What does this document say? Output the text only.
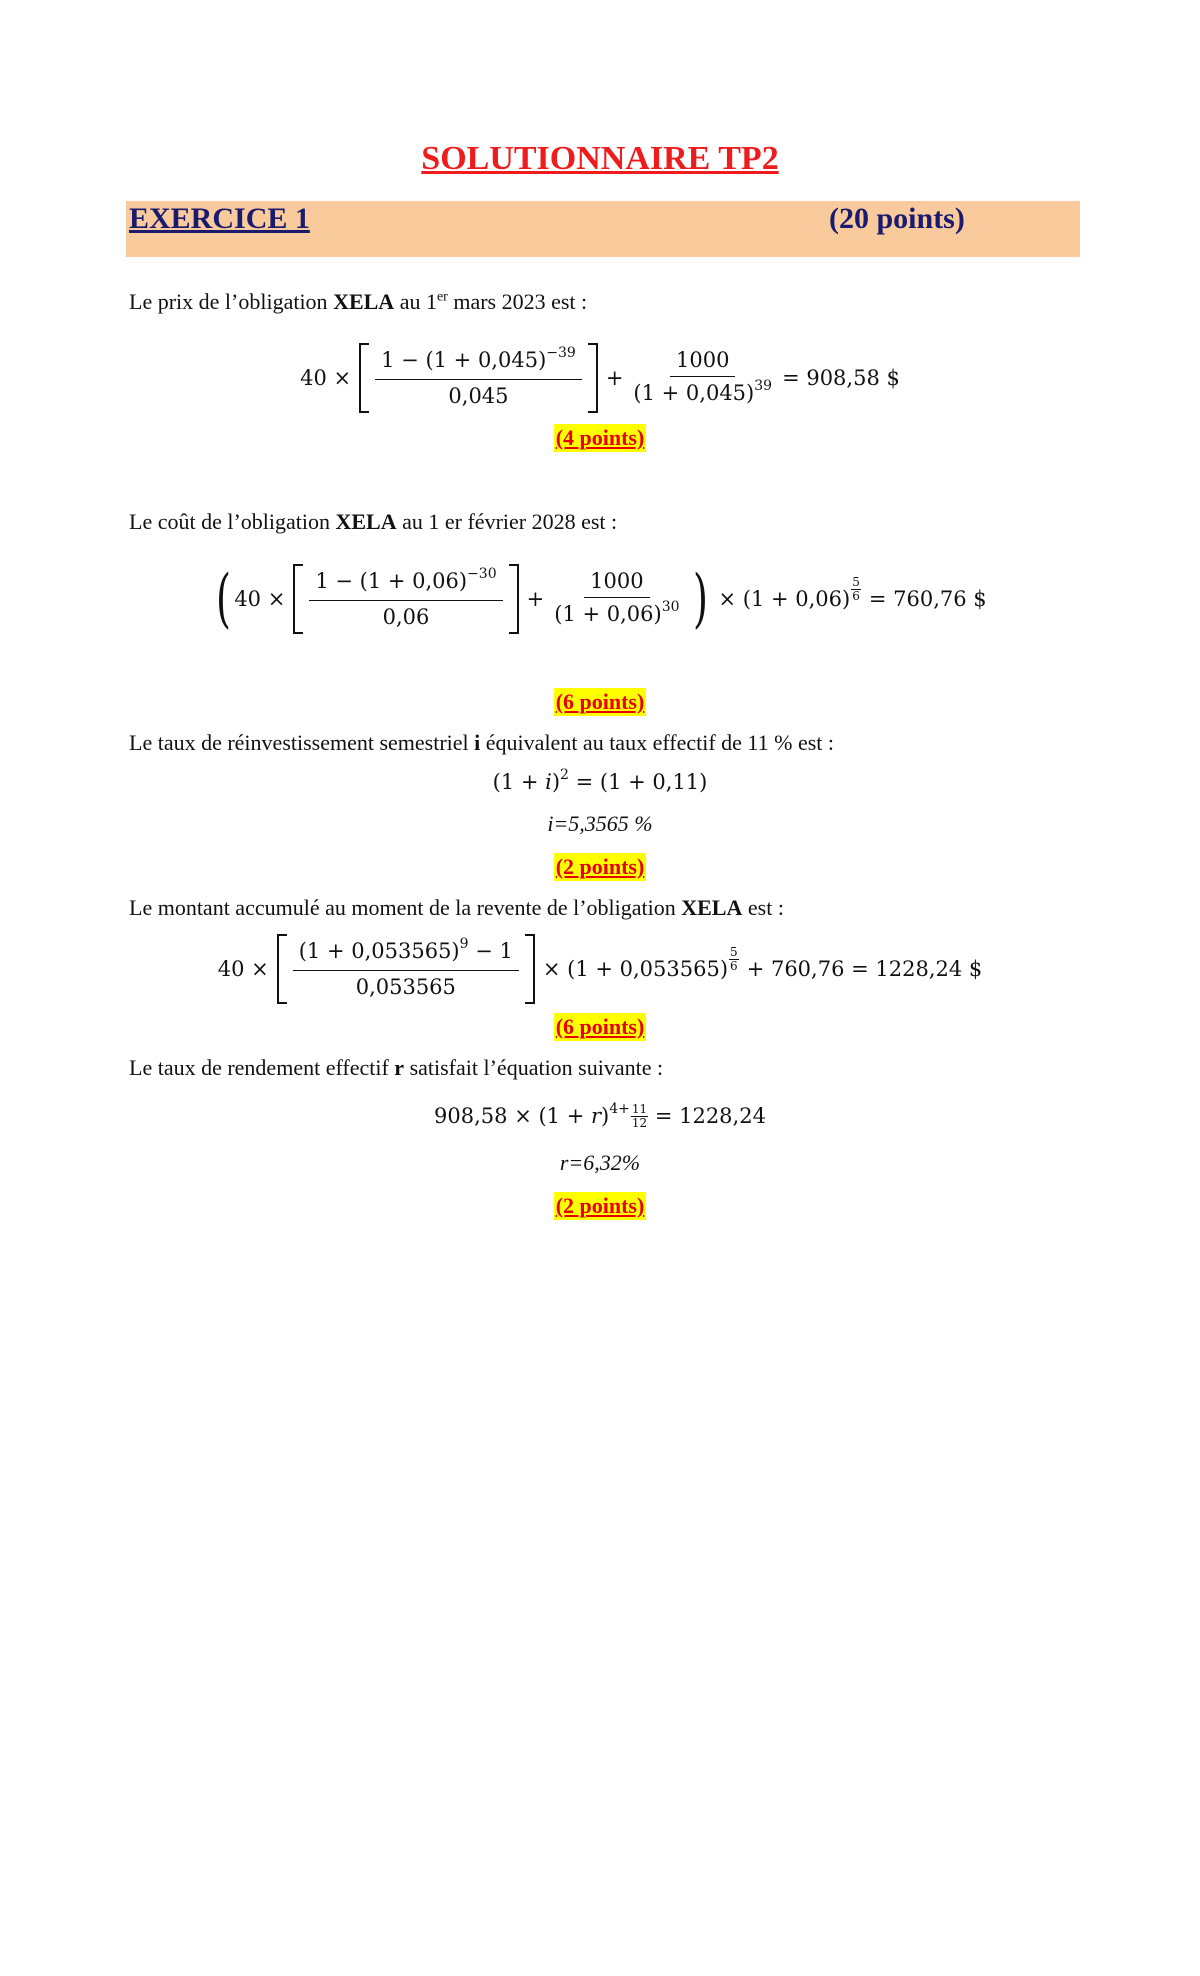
SOLUTIONNAIRE TP2
EXERCICE 1	(20 points)
Le prix de l’obligation XELA au 1er mars 2023 est :
$40 \times \frac{1 - (1 + 0,045)^{-39}}{0,045} + \frac{1000}{(1 + 0,045)^{39}} = 908,58$ $
(4 points)
Le coût de l’obligation XELA au 1 er février 2028 est :
( $40 \times \frac{1 - (1 + 0,06)^{-30}}{0,06} + \frac{1000}{(1 + 0,06)^{30}}$ ) × $(1 + 0,06) \frac{5}{6} = 760,76$ $
(6 points)
Le taux de réinvestissement semestriel i équivalent au taux effectif de 11 % est :
$(1 + i)^2 = (1 + 0,11)$
i=5,3565 %
(2 points)
Le montant accumulé au moment de la revente de l’obligation XELA est :
$40 \times \frac{(1 + 0,053565)^9 - 1}{0,053565} \times (1 + 0,053565) \frac{5}{6} + 760,76 = 1228,24$ $
(6 points)
Le taux de rendement effectif r satisfait l’équation suivante :
$908,58 \times (1 + r)^{4+} \frac{11}{12} = 1228,24$
r=6,32%
(2 points)
